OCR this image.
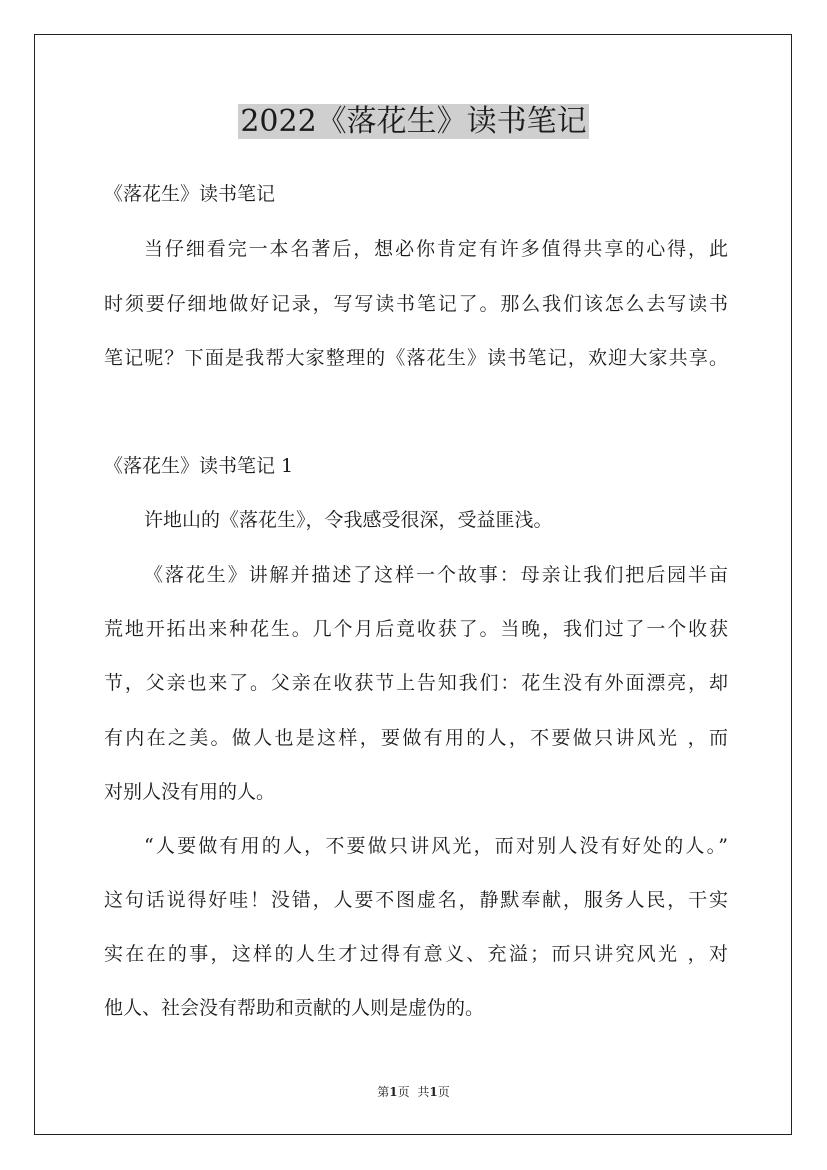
2022《落花生》读书笔记
《落花生》读书笔记
当仔细看完一本名著后，想必你肯定有许多值得共享的心得，此
时须要仔细地做好记录，写写读书笔记了。那么我们该怎么去写读书
笔记呢？下面是我帮大家整理的《落花生》读书笔记，欢迎大家共享。
《落花生》读书笔记 1
许地山的《落花生》，令我感受很深，受益匪浅。
《落花生》讲解并描述了这样一个故事：母亲让我们把后园半亩
荒地开拓出来种花生。几个月后竟收获了。当晚，我们过了一个收获
节，父亲也来了。父亲在收获节上告知我们：花生没有外面漂亮，却
有内在之美。做人也是这样，要做有用的人，不要做只讲风光 ，而
对别人没有用的人。
“人要做有用的人，不要做只讲风光，而对别人没有好处的人。”
这句话说得好哇！没错，人要不图虚名，静默奉献，服务人民，干实
实在在的事，这样的人生才过得有意义、充溢；而只讲究风光 ，对
他人、社会没有帮助和贡献的人则是虚伪的。
第1页 共1页
